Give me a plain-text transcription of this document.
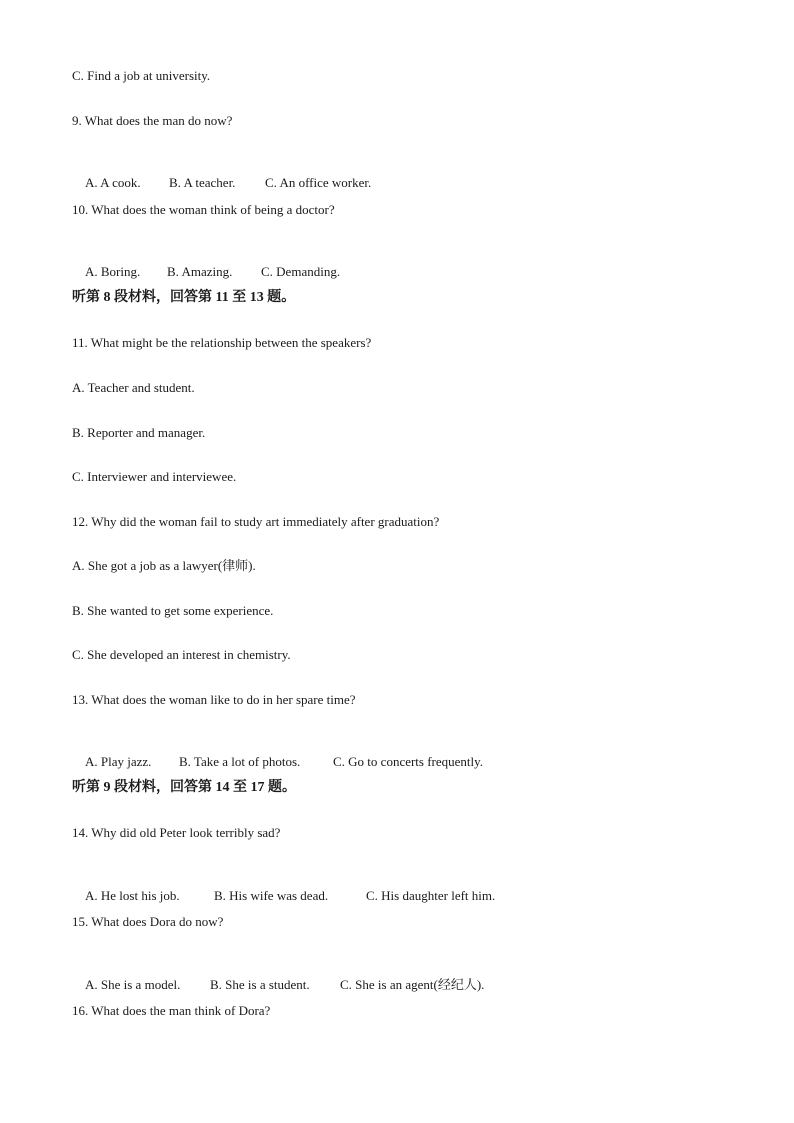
C. Find a job at university.
9. What does the man do now?

A. A cook. B. A teacher. C. An office worker.

10. What does the woman think of being a doctor?

A. Boring. B. Amazing. C. Demanding.

听第 8 段材料，回答第 11 至 13 题。
11. What might be the relationship between the speakers?
A. Teacher and student.
B. Reporter and manager.
C. Interviewer and interviewee.
12. Why did the woman fail to study art immediately after graduation?
A. She got a job as a lawyer(律师).
B. She wanted to get some experience.
C. She developed an interest in chemistry.
13. What does the woman like to do in her spare time?

A. Play jazz. B. Take a lot of photos.	C. Go to concerts frequently.

听第 9 段材料，回答第 14 至 17 题。
14. Why did old Peter look terribly sad?

A. He lost his job.	B. His wife was dead.	C. His daughter left him.

15. What does Dora do now?

A. She is a model. B. She is a student. C. She is an agent(经纪人).

16. What does the man think of Dora?
